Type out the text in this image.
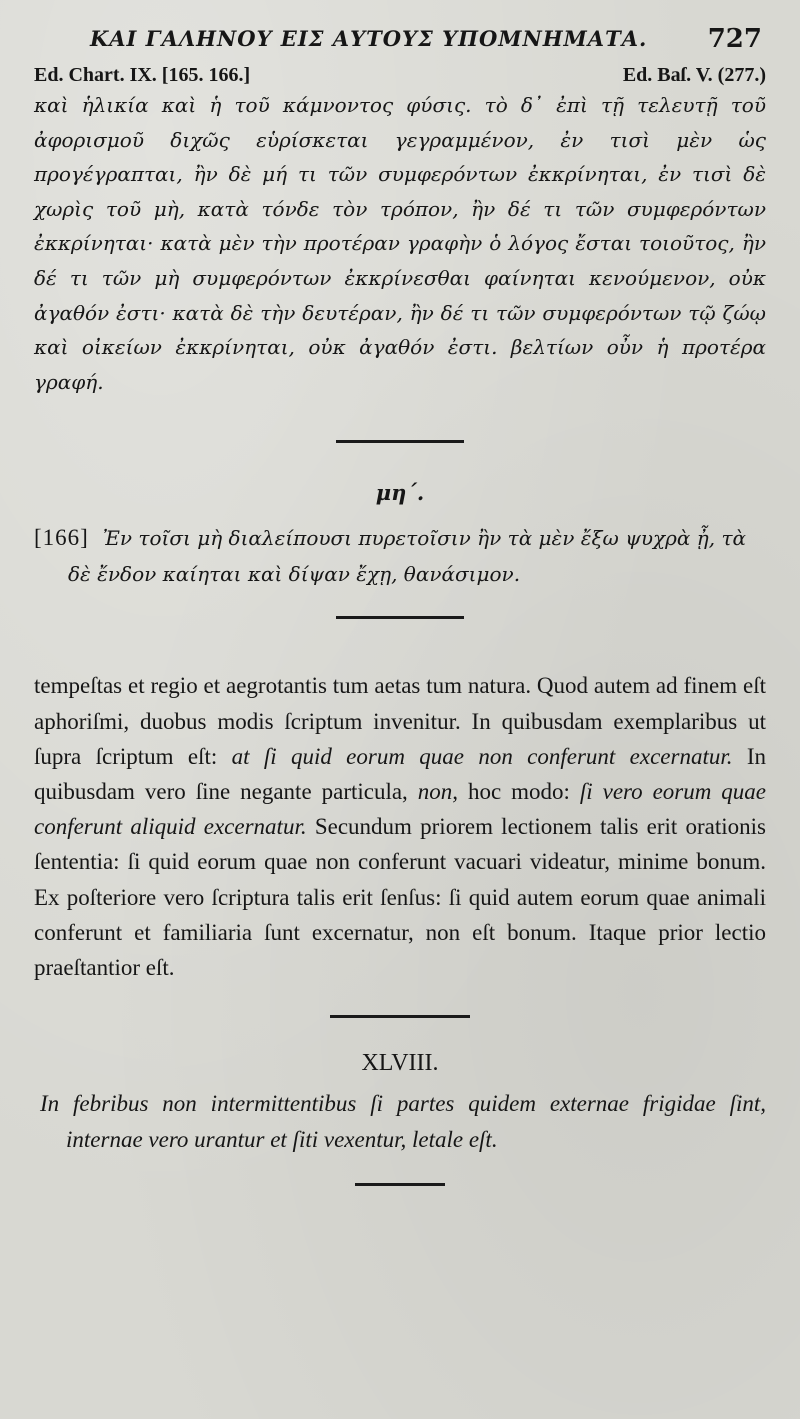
ΚΑΙ ΓΑΛΗΝΟΥ ΕΙΣ ΑΥΤΟΥΣ ΥΠΟΜΝΗΜΑΤΑ. 727
Ed. Chart. IX. [165. 166.]	Ed. Baſ. V. (277.)

καὶ ἡλικία καὶ ἡ τοῦ κάμνοντος φύσις. τὸ δ᾽ ἐπὶ τῇ τελευτῇ τοῦ ἀφορισμοῦ διχῶς εὑρίσκεται γεγραμμένον, ἐν τισὶ μὲν ὡς προγέγραπται, ἢν δὲ μή τι τῶν συμφερόντων ἐκκρίνηται, ἐν τισὶ δὲ χωρὶς τοῦ μὴ, κατὰ τόνδε τὸν τρόπον, ἢν δέ τι τῶν συμφερόντων ἐκκρίνηται· κατὰ μὲν τὴν προτέραν γραφὴν ὁ λόγος ἔσται τοιοῦτος, ἢν δέ τι τῶν μὴ συμφερόντων ἐκκρίνεσθαι φαίνηται κενούμενον, οὐκ ἀγαθόν ἐστι· κατὰ δὲ τὴν δευτέραν, ἢν δέ τι τῶν συμφερόντων τῷ ζώῳ καὶ οἰκείων ἐκκρίνηται, οὐκ ἀγαθόν ἐστι. βελτίων οὖν ἡ προτέρα γραφή.

μη΄.
[166] Ἐν τοῖσι μὴ διαλείπουσι πυρετοῖσιν ἢν τὰ μὲν ἔξω ψυχρὰ ᾖ, τὰ δὲ ἔνδον καίηται καὶ δίψαν ἔχῃ, θανάσιμον.

tempeſtas et regio et aegrotantis tum aetas tum natura. Quod autem ad finem eſt aphoriſmi, duobus modis ſcriptum invenitur. In quibusdam exemplaribus ut ſupra ſcriptum eſt: at ſi quid eorum quae non conferunt excernatur. In quibusdam vero ſine negante particula, non, hoc modo: ſi vero eorum quae conferunt aliquid excernatur. Secundum priorem lectionem talis erit orationis ſententia: ſi quid eorum quae non conferunt vacuari videatur, minime bonum. Ex poſteriore vero ſcriptura talis erit ſenſus: ſi quid autem eorum quae animali conferunt et familiaria ſunt excernatur, non eſt bonum. Itaque prior lectio praeſtantior eſt.

XLVIII.
In febribus non intermittentibus ſi partes quidem externae frigidae ſint, internae vero urantur et ſiti vexentur, letale eſt.
